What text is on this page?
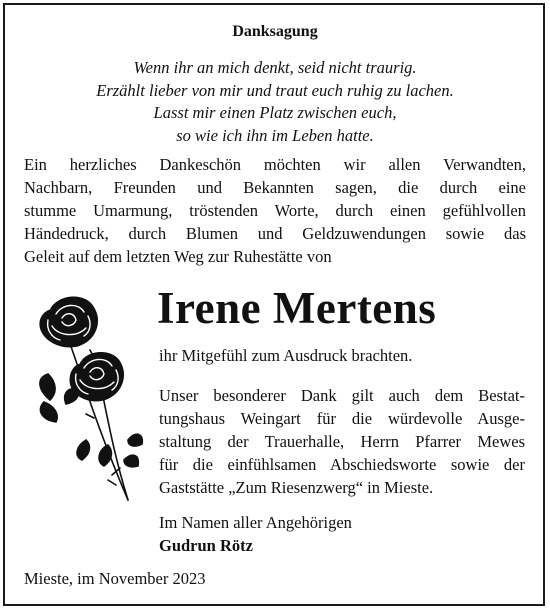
Danksagung
Wenn ihr an mich denkt, seid nicht traurig.
Erzählt lieber von mir und traut euch ruhig zu lachen.
Lasst mir einen Platz zwischen euch,
so wie ich ihn im Leben hatte.
Ein herzliches Dankeschön möchten wir allen Verwandten,
Nachbarn, Freunden und Bekannten sagen, die durch eine
stumme Umarmung, tröstenden Worte, durch einen gefühlvollen
Händedruck, durch Blumen und Geldzuwendungen sowie das
Geleit auf dem letzten Weg zur Ruhestätte von
Irene Mertens
ihr Mitgefühl zum Ausdruck brachten.
Unser besonderer Dank gilt auch dem Bestat-
tungshaus Weingart für die würdevolle Ausge-
staltung der Trauerhalle, Herrn Pfarrer Mewes
für die einfühlsamen Abschiedsworte sowie der
Gaststätte „Zum Riesenzwerg“ in Mieste.
Im Namen aller Angehörigen
Gudrun Rötz
Mieste, im November 2023
